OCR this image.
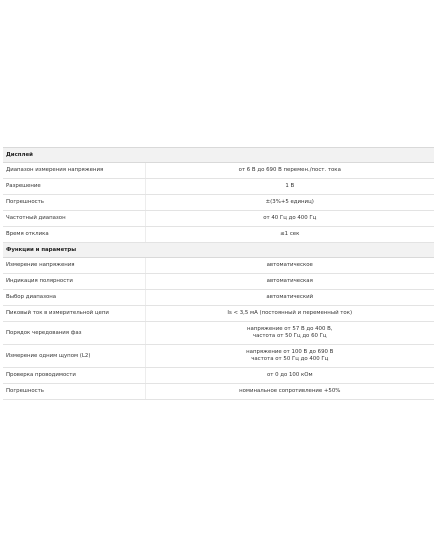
Дисплей	
Диапазон измерения напряжения	от 6 В до 690 В перемен./пост. тока
Разрешение	1 В
Погрешность	±(3%+5 единиц)
Частотный диапазон	от 40 Гц до 400 Гц
Время отклика	≤1 сек
Функции и параметры	
Измерение напряжения	автоматическое
Индикация полярности	автоматическая
Выбор диапазона	автоматический
Пиковый ток в измерительной цепи	Is < 3,5 мА (постоянный и переменный ток)
Порядок чередования фаз	напряжение от 57 В до 400 В,
частота от 50 Гц до 60 Гц

Измерение одним щупом (L2)	напряжение от 100 В до 690 В
частота от 50 Гц до 400 Гц

Проверка проводимости	от 0 до 100 кОм
Погрешность	номинальное сопротивление +50%
